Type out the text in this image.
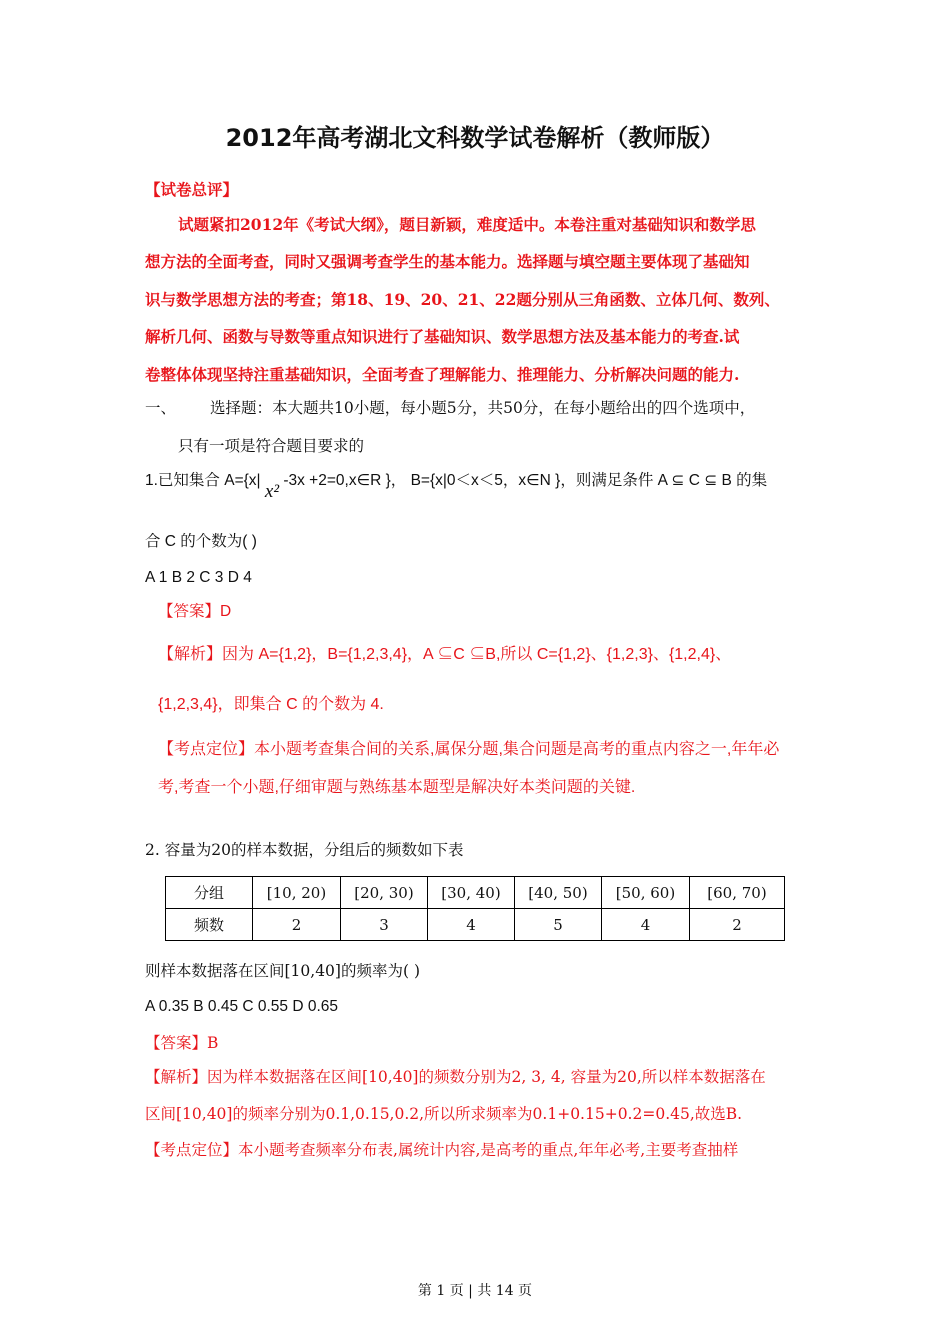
2012年高考湖北文科数学试卷解析（教师版）
【试卷总评】
试题紧扣2012年《考试大纲》，题目新颖，难度适中。本卷注重对基础知识和数学思
想方法的全面考查，同时又强调考查学生的基本能力。选择题与填空题主要体现了基础知
识与数学思想方法的考查；第18、19、20、21、22题分别从三角函数、立体几何、数列、
解析几何、函数与导数等重点知识进行了基础知识、数学思想方法及基本能力的考查.试
卷整体体现坚持注重基础知识，全面考查了理解能力、推理能力、分析解决问题的能力.
一、 选择题：本大题共10小题，每小题5分，共50分，在每小题给出的四个选项中，
只有一项是符合题目要求的
1.已知集合 A={x| x² -3x +2=0,x∈R }， B={x|0＜x＜5，x∈N }，则满足条件 A ⊆ C ⊆ B 的集
合 C 的个数为( )
A 1 B 2 C 3 D 4
【答案】D
【解析】因为 A={1,2}，B={1,2,3,4}，A ⊆C ⊆B,所以 C={1,2}、{1,2,3}、{1,2,4}、
{1,2,3,4}，即集合 C 的个数为 4.
【考点定位】本小题考查集合间的关系,属保分题,集合问题是高考的重点内容之一,年年必
考,考查一个小题,仔细审题与熟练基本题型是解决好本类问题的关键.
2. 容量为20的样本数据，分组后的频数如下表
分组	[10, 20)	[20, 30)	[30, 40)	[40, 50)	[50, 60)	[60, 70)
频数	2	3	4	5	4	2
则样本数据落在区间[10,40]的频率为( )
A 0.35 B 0.45 C 0.55 D 0.65
【答案】B
【解析】因为样本数据落在区间[10,40]的频数分别为2, 3, 4, 容量为20,所以样本数据落在
区间[10,40]的频率分别为0.1,0.15,0.2,所以所求频率为0.1+0.15+0.2=0.45,故选B.
【考点定位】本小题考查频率分布表,属统计内容,是高考的重点,年年必考,主要考查抽样
第 1 页 | 共 14 页
